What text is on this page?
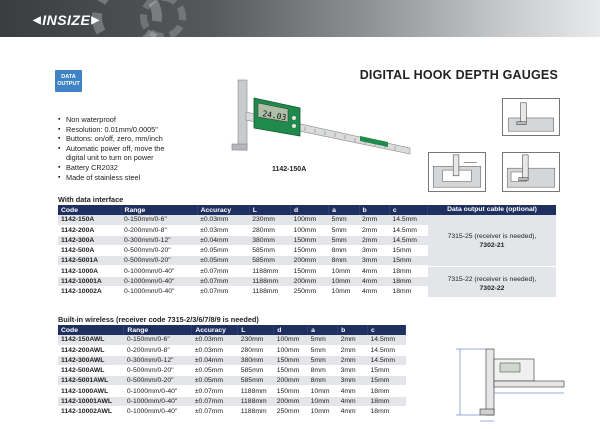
◀ INSIZE ▶
DIGITAL HOOK DEPTH GAUGES
DATA
OUTPUT
▪ Non waterproof
▪ Resolution: 0.01mm/0.0005"
▪ Buttons: on/off, zero, mm/inch
▪ Automatic power off, move the
digital unit to turn on power
▪ Battery CR2032
▪ Made of stainless steel
24.03
1142-150A
With data interface
Code	Range	Accuracy	L	d	a	b	c
1142-150A	0-150mm/0-6"	±0.03mm	230mm	100mm	5mm	2mm	14.5mm
1142-200A	0-200mm/0-8"	±0.03mm	280mm	100mm	5mm	2mm	14.5mm
1142-300A	0-300mm/0-12"	±0.04mm	380mm	150mm	5mm	2mm	14.5mm
1142-500A	0-500mm/0-20"	±0.05mm	585mm	150mm	8mm	3mm	15mm
1142-5001A	0-500mm/0-20"	±0.05mm	585mm	200mm	8mm	3mm	15mm
1142-1000A	0-1000mm/0-40"	±0.07mm	1188mm	150mm	10mm	4mm	18mm
1142-10001A	0-1000mm/0-40"	±0.07mm	1188mm	200mm	10mm	4mm	18mm
1142-10002A	0-1000mm/0-40"	±0.07mm	1188mm	250mm	10mm	4mm	18mm
Data output cable (optional)
7315-25 (receiver is needed),
7302-21
7315-22 (receiver is needed),
7302-22
Built-in wireless (receiver code 7315-2/3/6/7/8/9 is needed)
Code	Range	Accuracy	L	d	a	b	c
1142-150AWL	0-150mm/0-6"	±0.03mm	230mm	100mm	5mm	2mm	14.5mm
1142-200AWL	0-200mm/0-8"	±0.03mm	280mm	100mm	5mm	2mm	14.5mm
1142-300AWL	0-300mm/0-12"	±0.04mm	380mm	150mm	5mm	2mm	14.5mm
1142-500AWL	0-500mm/0-20"	±0.05mm	585mm	150mm	8mm	3mm	15mm
1142-5001AWL	0-500mm/0-20"	±0.05mm	585mm	200mm	8mm	3mm	15mm
1142-1000AWL	0-1000mm/0-40"	±0.07mm	1188mm	150mm	10mm	4mm	18mm
1142-10001AWL	0-1000mm/0-40"	±0.07mm	1188mm	200mm	10mm	4mm	18mm
1142-10002AWL	0-1000mm/0-40"	±0.07mm	1188mm	250mm	10mm	4mm	18mm
